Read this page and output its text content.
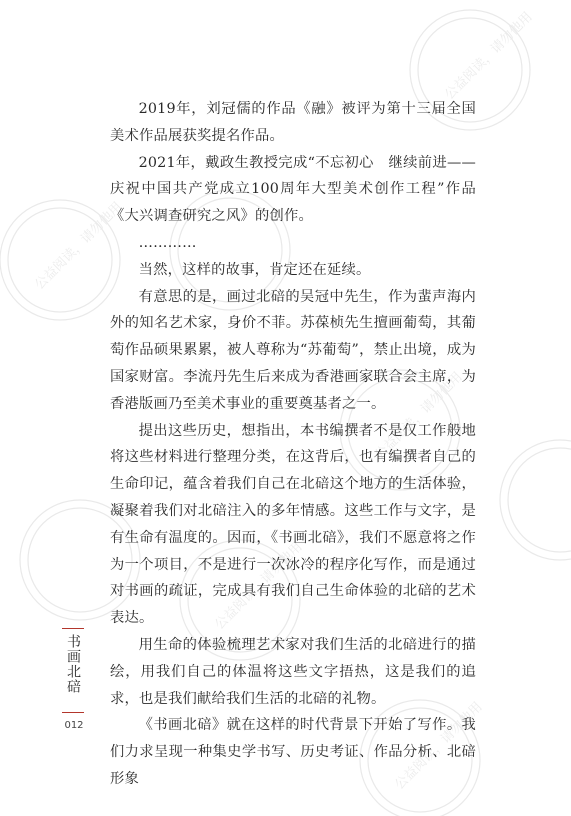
公益阅读，请勿他用
公益阅读，请勿他用
公益阅读，请勿他用
公益阅读，请勿他用
公益阅读，请勿他用

2019年，刘冠儒的作品《融》被评为第十三届全国美术作品展获奖提名作品。

2021年，戴政生教授完成“不忘初心　继续前进——庆祝中国共产党成立100周年大型美术创作工程”作品《大兴调查研究之风》的创作。

…………

当然，这样的故事，肯定还在延续。

有意思的是，画过北碚的吴冠中先生，作为蜚声海内外的知名艺术家，身价不菲。苏葆桢先生擅画葡萄，其葡萄作品硕果累累，被人尊称为“苏葡萄”，禁止出境，成为国家财富。李流丹先生后来成为香港画家联合会主席，为香港版画乃至美术事业的重要奠基者之一。

提出这些历史，想指出，本书编撰者不是仅工作般地将这些材料进行整理分类，在这背后，也有编撰者自己的生命印记，蕴含着我们自己在北碚这个地方的生活体验，凝聚着我们对北碚注入的多年情感。这些工作与文字，是有生命有温度的。因而，《书画北碚》，我们不愿意将之作为一个项目，不是进行一次冰冷的程序化写作，而是通过对书画的疏证，完成具有我们自己生命体验的北碚的艺术表达。

用生命的体验梳理艺术家对我们生活的北碚进行的描绘，用我们自己的体温将这些文字捂热，这是我们的追求，也是我们献给我们生活的北碚的礼物。

《书画北碚》就在这样的时代背景下开始了写作。我们力求呈现一种集史学书写、历史考证、作品分析、北碚形象

书画北碚
012
